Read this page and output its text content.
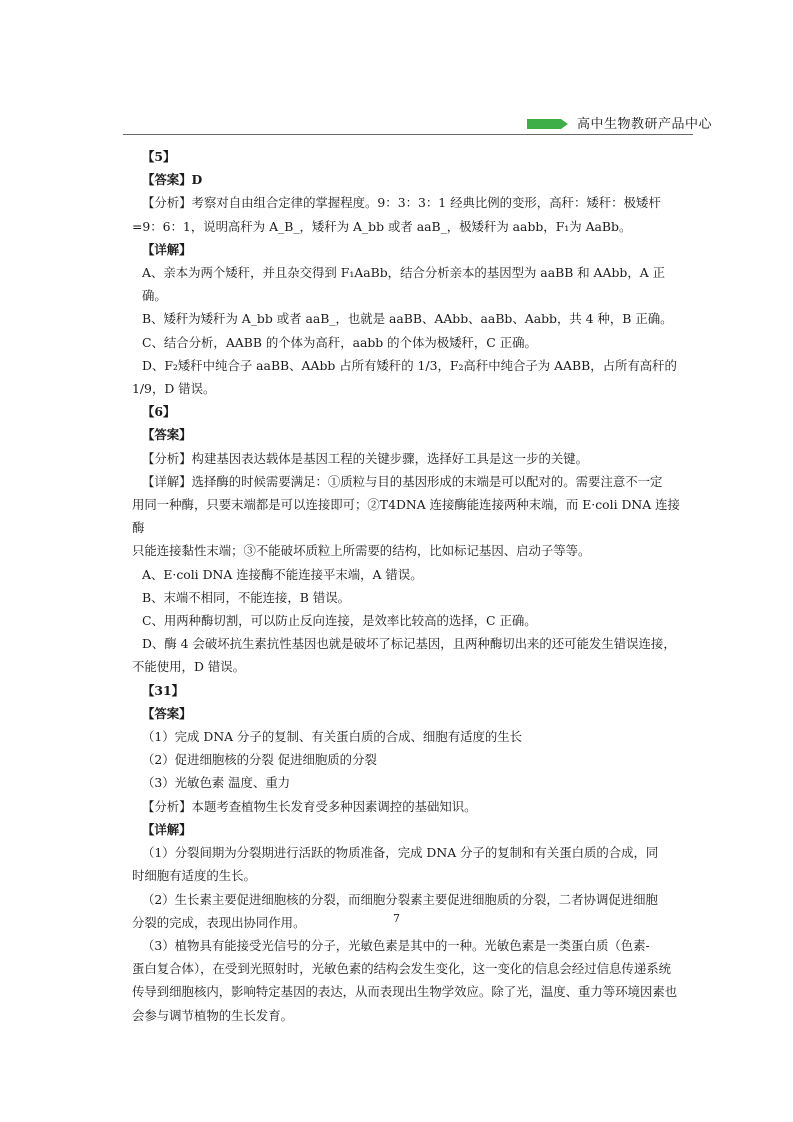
高中生物教研产品中心

【5】

【答案】D

【分析】考察对自由组合定律的掌握程度。9：3：3：1 经典比例的变形，高秆：矮秆：极矮杆

=9：6：1，说明高秆为 A_B_，矮秆为 A_bb 或者 aaB_，极矮秆为 aabb，F₁为 AaBb。

【详解】

A、亲本为两个矮秆，并且杂交得到 F₁AaBb，结合分析亲本的基因型为 aaBB 和 AAbb，A 正确。

B、矮秆为矮秆为 A_bb 或者 aaB_，也就是 aaBB、AAbb、aaBb、Aabb，共 4 种，B 正确。

C、结合分析，AABB 的个体为高秆，aabb 的个体为极矮秆，C 正确。

D、F₂矮秆中纯合子 aaBB、AAbb 占所有矮秆的 1/3，F₂高秆中纯合子为 AABB，占所有高秆的

1/9，D 错误。

【6】

【答案】

【分析】构建基因表达载体是基因工程的关键步骤，选择好工具是这一步的关键。

【详解】选择酶的时候需要满足：①质粒与目的基因形成的末端是可以配对的。需要注意不一定

用同一种酶，只要末端都是可以连接即可；②T4DNA 连接酶能连接两种末端，而 E·coli DNA 连接酶

只能连接黏性末端；③不能破坏质粒上所需要的结构，比如标记基因、启动子等等。

A、E·coli DNA 连接酶不能连接平末端，A 错误。

B、末端不相同，不能连接，B 错误。

C、用两种酶切割，可以防止反向连接，是效率比较高的选择，C 正确。

D、酶 4 会破坏抗生素抗性基因也就是破坏了标记基因，且两种酶切出来的还可能发生错误连接，

不能使用，D 错误。

【31】

【答案】

（1）完成 DNA 分子的复制、有关蛋白质的合成、细胞有适度的生长

（2）促进细胞核的分裂 促进细胞质的分裂

（3）光敏色素 温度、重力

【分析】本题考查植物生长发育受多种因素调控的基础知识。

【详解】

（1）分裂间期为分裂期进行活跃的物质准备，完成 DNA 分子的复制和有关蛋白质的合成，同

时细胞有适度的生长。

（2）生长素主要促进细胞核的分裂，而细胞分裂素主要促进细胞质的分裂，二者协调促进细胞

分裂的完成，表现出协同作用。

（3）植物具有能接受光信号的分子，光敏色素是其中的一种。光敏色素是一类蛋白质（色素-

蛋白复合体），在受到光照射时，光敏色素的结构会发生变化，这一变化的信息会经过信息传递系统

传导到细胞核内，影响特定基因的表达，从而表现出生物学效应。除了光，温度、重力等环境因素也

会参与调节植物的生长发育。

7
